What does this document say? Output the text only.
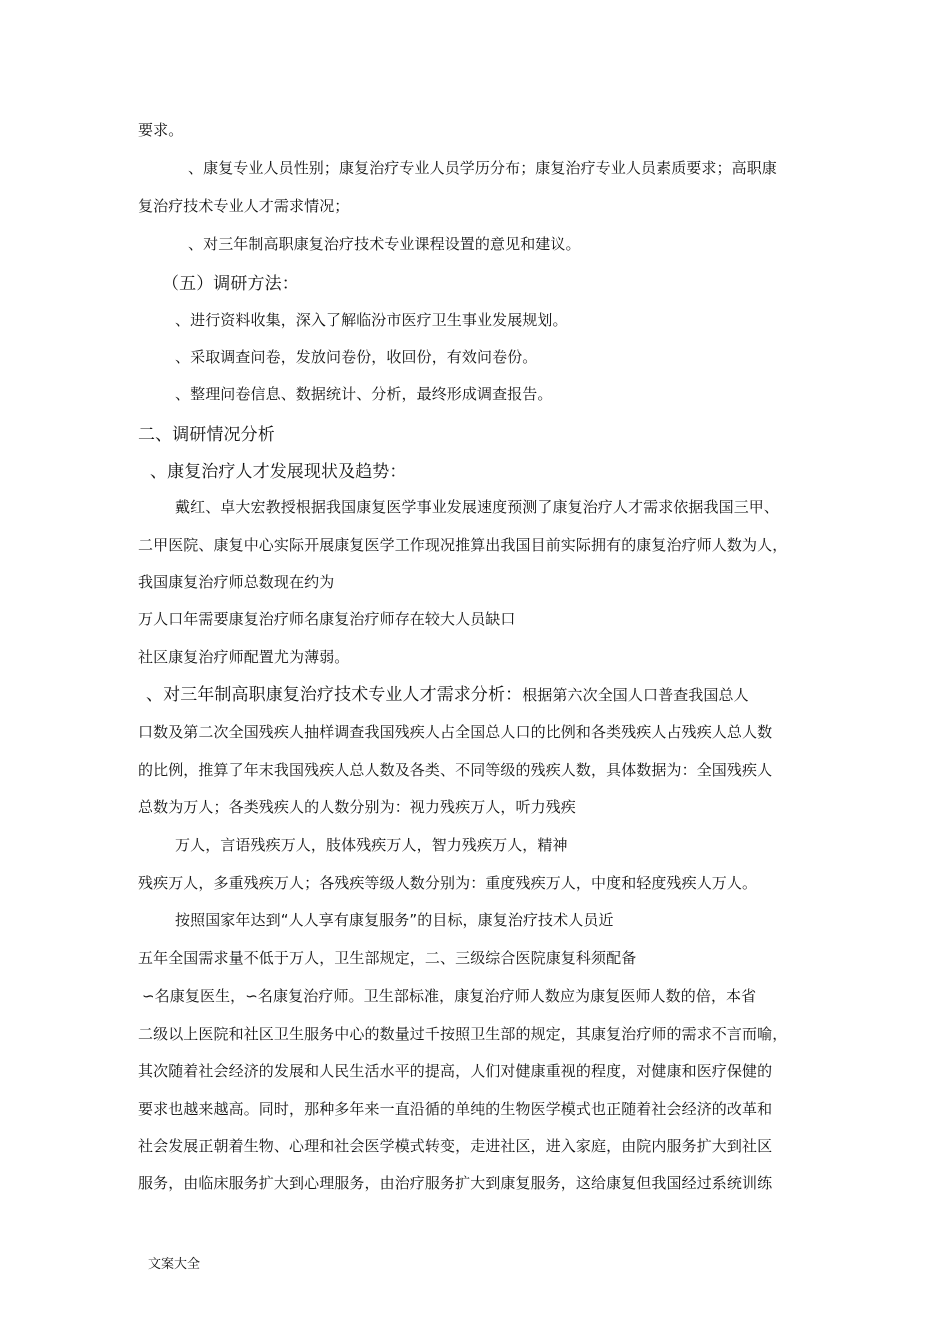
要求。

、康复专业人员性别；康复治疗专业人员学历分布；康复治疗专业人员素质要求；高职康

复治疗技术专业人才需求情况；

、对三年制高职康复治疗技术专业课程设置的意见和建议。

（五）调研方法：

、进行资料收集，深入了解临汾市医疗卫生事业发展规划。

、采取调查问卷，发放问卷份，收回份，有效问卷份。

、整理问卷信息、数据统计、分析，最终形成调查报告。

二、调研情况分析

、康复治疗人才发展现状及趋势：

戴红、卓大宏教授根据我国康复医学事业发展速度预测了康复治疗人才需求依据我国三甲、

二甲医院、康复中心实际开展康复医学工作现况推算出我国目前实际拥有的康复治疗师人数为人，

我国康复治疗师总数现在约为

万人口年需要康复治疗师名康复治疗师存在较大人员缺口

社区康复治疗师配置尤为薄弱。

、对三年制高职康复治疗技术专业人才需求分析：根据第六次全国人口普查我国总人

口数及第二次全国残疾人抽样调查我国残疾人占全国总人口的比例和各类残疾人占残疾人总人数

的比例，推算了年末我国残疾人总人数及各类、不同等级的残疾人数，具体数据为：全国残疾人

总数为万人；各类残疾人的人数分别为：视力残疾万人，听力残疾

万人，言语残疾万人，肢体残疾万人，智力残疾万人，精神

残疾万人，多重残疾万人；各残疾等级人数分别为：重度残疾万人，中度和轻度残疾人万人。

按照国家年达到“人人享有康复服务”的目标，康复治疗技术人员近

五年全国需求量不低于万人，卫生部规定，二、三级综合医院康复科须配备

∽名康复医生，∽名康复治疗师。卫生部标准，康复治疗师人数应为康复医师人数的倍，本省

二级以上医院和社区卫生服务中心的数量过千按照卫生部的规定，其康复治疗师的需求不言而喻，

其次随着社会经济的发展和人民生活水平的提高，人们对健康重视的程度，对健康和医疗保健的

要求也越来越高。同时，那种多年来一直沿循的单纯的生物医学模式也正随着社会经济的改革和

社会发展正朝着生物、心理和社会医学模式转变，走进社区，进入家庭，由院内服务扩大到社区

服务，由临床服务扩大到心理服务，由治疗服务扩大到康复服务，这给康复但我国经过系统训练

文案大全
